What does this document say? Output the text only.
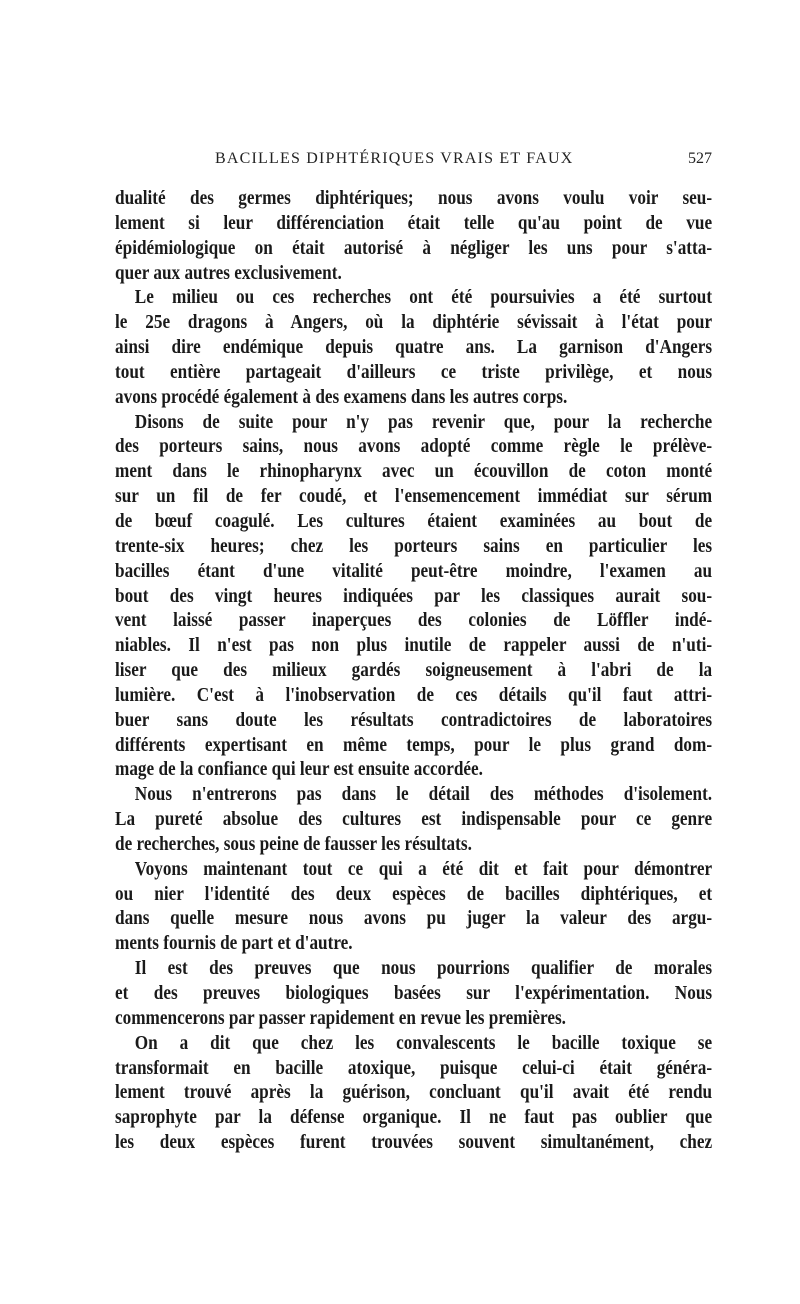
BACILLES DIPHTÉRIQUES VRAIS ET FAUX	527
dualité des germes diphtériques; nous avons voulu voir seu-
lement si leur différenciation était telle qu'au point de vue
épidémiologique on était autorisé à négliger les uns pour s'atta-
quer aux autres exclusivement.
Le milieu ou ces recherches ont été poursuivies a été surtout
le 25e dragons à Angers, où la diphtérie sévissait à l'état pour
ainsi dire endémique depuis quatre ans. La garnison d'Angers
tout entière partageait d'ailleurs ce triste privilège, et nous
avons procédé également à des examens dans les autres corps.
Disons de suite pour n'y pas revenir que, pour la recherche
des porteurs sains, nous avons adopté comme règle le prélève-
ment dans le rhinopharynx avec un écouvillon de coton monté
sur un fil de fer coudé, et l'ensemencement immédiat sur sérum
de bœuf coagulé. Les cultures étaient examinées au bout de
trente-six heures; chez les porteurs sains en particulier les
bacilles étant d'une vitalité peut-être moindre, l'examen au
bout des vingt heures indiquées par les classiques aurait sou-
vent laissé passer inaperçues des colonies de Löffler indé-
niables. Il n'est pas non plus inutile de rappeler aussi de n'uti-
liser que des milieux gardés soigneusement à l'abri de la
lumière. C'est à l'inobservation de ces détails qu'il faut attri-
buer sans doute les résultats contradictoires de laboratoires
différents expertisant en même temps, pour le plus grand dom-
mage de la confiance qui leur est ensuite accordée.
Nous n'entrerons pas dans le détail des méthodes d'isolement.
La pureté absolue des cultures est indispensable pour ce genre
de recherches, sous peine de fausser les résultats.
Voyons maintenant tout ce qui a été dit et fait pour démontrer
ou nier l'identité des deux espèces de bacilles diphtériques, et
dans quelle mesure nous avons pu juger la valeur des argu-
ments fournis de part et d'autre.
Il est des preuves que nous pourrions qualifier de morales
et des preuves biologiques basées sur l'expérimentation. Nous
commencerons par passer rapidement en revue les premières.
On a dit que chez les convalescents le bacille toxique se
transformait en bacille atoxique, puisque celui-ci était généra-
lement trouvé après la guérison, concluant qu'il avait été rendu
saprophyte par la défense organique. Il ne faut pas oublier que
les deux espèces furent trouvées souvent simultanément, chez
